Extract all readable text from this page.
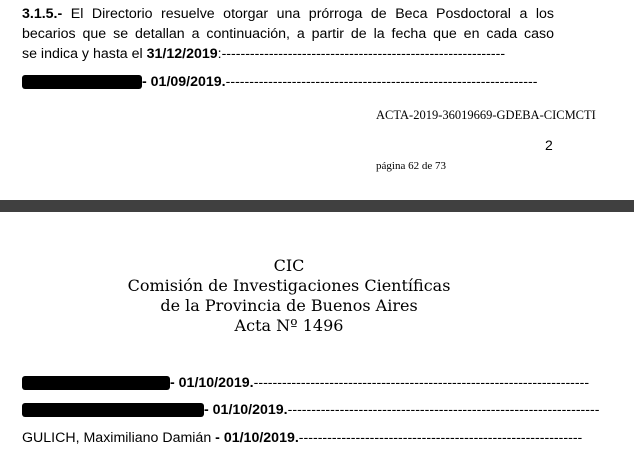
3.1.5.- El Directorio resuelve otorgar una prórroga de Beca Posdoctoral a los
becarios que se detallan a continuación, a partir de la fecha que en cada caso
se indica y hasta el 31/12/2019:------------------------------------------------------------
- 01/09/2019.------------------------------------------------------------------
ACTA-2019-36019669-GDEBA-CICMCTI
2
página 62 de 73
CIC
Comisión de Investigaciones Científicas
de la Provincia de Buenos Aires
Acta Nº 1496
- 01/10/2019.-----------------------------------------------------------------------
- 01/10/2019.------------------------------------------------------------------
GULICH, Maximiliano Damián - 01/10/2019.------------------------------------------------------------
